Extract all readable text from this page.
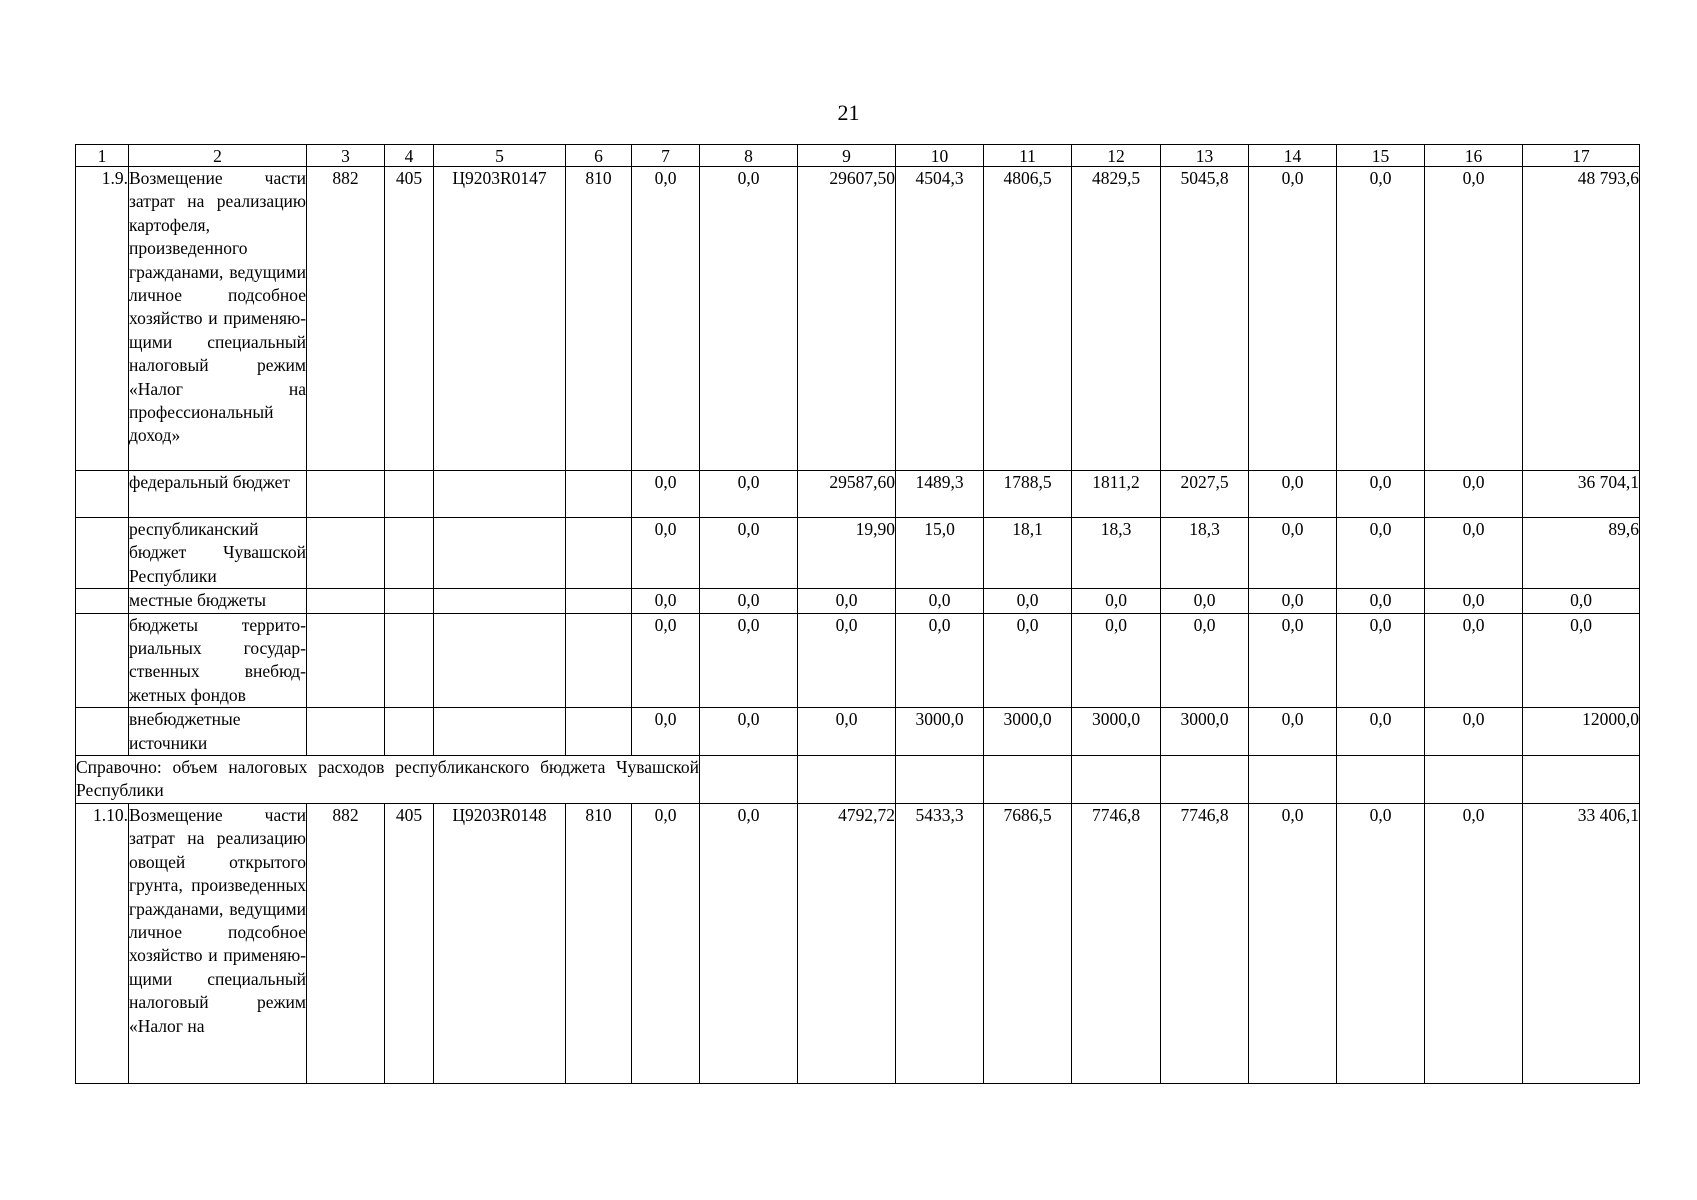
21
1	2	3	4	5	6	7	8	9	10	11	12	13	14	15	16	17
1.9.	Возмещение части затрат на реализацию картофеля, произведенного гражданами, ведущими личное подсобное хозяйство и применяющими специальный налоговый режим «Налог на профессиональный доход»	882	405	Ц9203R0147	810	0,0	0,0	29607,50	4504,3	4806,5	4829,5	5045,8	0,0	0,0	0,0	48 793,6
	федеральный бюджет					0,0	0,0	29587,60	1489,3	1788,5	1811,2	2027,5	0,0	0,0	0,0	36 704,1
	республиканский бюджет Чувашской Республики					0,0	0,0	19,90	15,0	18,1	18,3	18,3	0,0	0,0	0,0	89,6
	местные бюджеты					0,0	0,0	0,0	0,0	0,0	0,0	0,0	0,0	0,0	0,0	0,0
	бюджеты территориальных государственных внебюджетных фондов					0,0	0,0	0,0	0,0	0,0	0,0	0,0	0,0	0,0	0,0	0,0
	внебюджетные источники					0,0	0,0	0,0	3000,0	3000,0	3000,0	3000,0	0,0	0,0	0,0	12000,0
Справочно: объем налоговых расходов республиканского бюджета Чувашской Республики																
1.10.	Возмещение части затрат на реализацию овощей открытого грунта, произведенных гражданами, ведущими личное подсобное хозяйство и применяющими специальный налоговый режим «Налог на	882	405	Ц9203R0148	810	0,0	0,0	4792,72	5433,3	7686,5	7746,8	7746,8	0,0	0,0	0,0	33 406,1
